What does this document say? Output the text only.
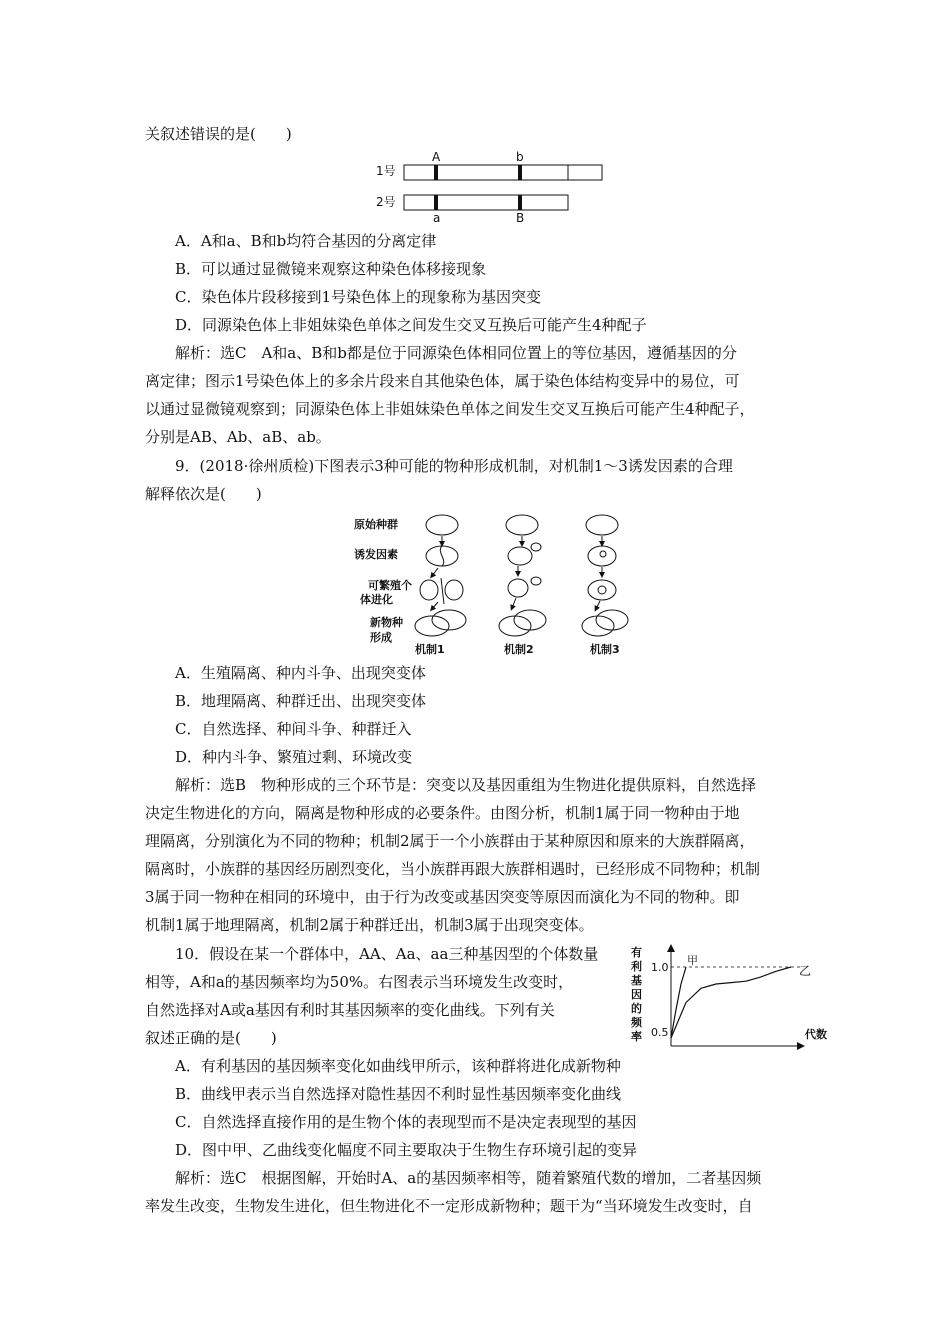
关叙述错误的是(　　)
1号
2号
A	b
a	B
A．A和a、B和b均符合基因的分离定律
B．可以通过显微镜来观察这种染色体移接现象
C．染色体片段移接到1号染色体上的现象称为基因突变
D．同源染色体上非姐妹染色单体之间发生交叉互换后可能产生4种配子
解析：选C　A和a、B和b都是位于同源染色体相同位置上的等位基因，遵循基因的分
离定律；图示1号染色体上的多余片段来自其他染色体，属于染色体结构变异中的易位，可
以通过显微镜观察到；同源染色体上非姐妹染色单体之间发生交叉互换后可能产生4种配子，
分别是AB、Ab、aB、ab。
9．(2018·徐州质检)下图表示3种可能的物种形成机制，对机制1～3诱发因素的合理
解释依次是(　　)
原始种群
诱发因素
可繁殖个
体进化
新物种
形成
机制1	机制2	机制3
A．生殖隔离、种内斗争、出现突变体
B．地理隔离、种群迁出、出现突变体
C．自然选择、种间斗争、种群迁入
D．种内斗争、繁殖过剩、环境改变
解析：选B　物种形成的三个环节是：突变以及基因重组为生物进化提供原料，自然选择
决定生物进化的方向，隔离是物种形成的必要条件。由图分析，机制1属于同一物种由于地
理隔离，分别演化为不同的物种；机制2属于一个小族群由于某种原因和原来的大族群隔离，
隔离时，小族群的基因经历剧烈变化，当小族群再跟大族群相遇时，已经形成不同物种；机制
3属于同一物种在相同的环境中，由于行为改变或基因突变等原因而演化为不同的物种。即
机制1属于地理隔离，机制2属于种群迁出，机制3属于出现突变体。
10．假设在某一个群体中，AA、Aa、aa三种基因型的个体数量
相等，A和a的基因频率均为50%。右图表示当环境发生改变时，
自然选择对A或a基因有利时其基因频率的变化曲线。下列有关
叙述正确的是(　　)
有
利
基
因
的
频
率
1.0
0.5
甲
乙
代数
A．有利基因的基因频率变化如曲线甲所示，该种群将进化成新物种
B．曲线甲表示当自然选择对隐性基因不利时显性基因频率变化曲线
C．自然选择直接作用的是生物个体的表现型而不是决定表现型的基因
D．图中甲、乙曲线变化幅度不同主要取决于生物生存环境引起的变异
解析：选C　根据图解，开始时A、a的基因频率相等，随着繁殖代数的增加，二者基因频
率发生改变，生物发生进化，但生物进化不一定形成新物种；题干为“当环境发生改变时，自
